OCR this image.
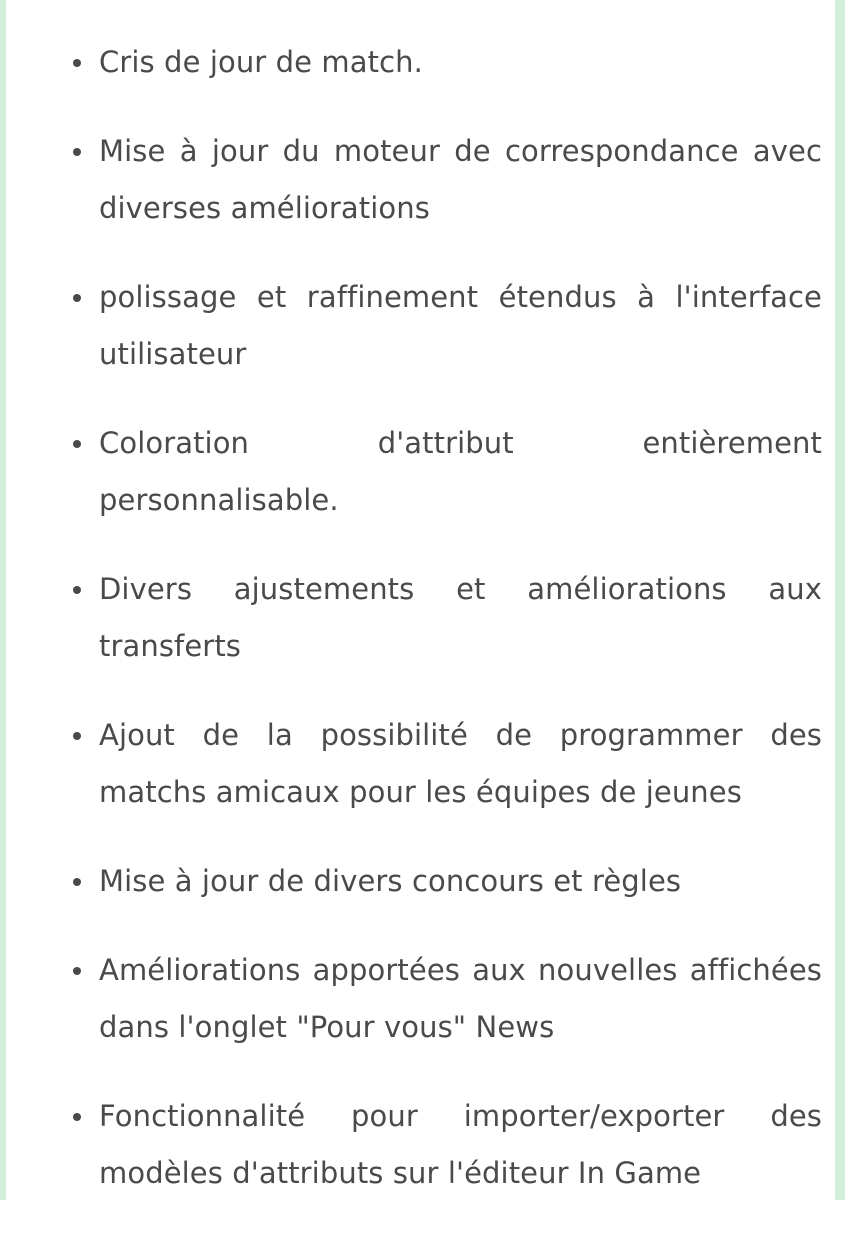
Cris de jour de match.
Mise à jour du moteur de correspondance avec diverses améliorations
polissage et raffinement étendus à l'interface utilisateur
Coloration d'attribut entièrement personnalisable.
Divers ajustements et améliorations aux transferts
Ajout de la possibilité de programmer des matchs amicaux pour les équipes de jeunes
Mise à jour de divers concours et règles
Améliorations apportées aux nouvelles affichées dans l'onglet "Pour vous" News
Fonctionnalité pour importer/exporter des modèles d'attributs sur l'éditeur In Game
